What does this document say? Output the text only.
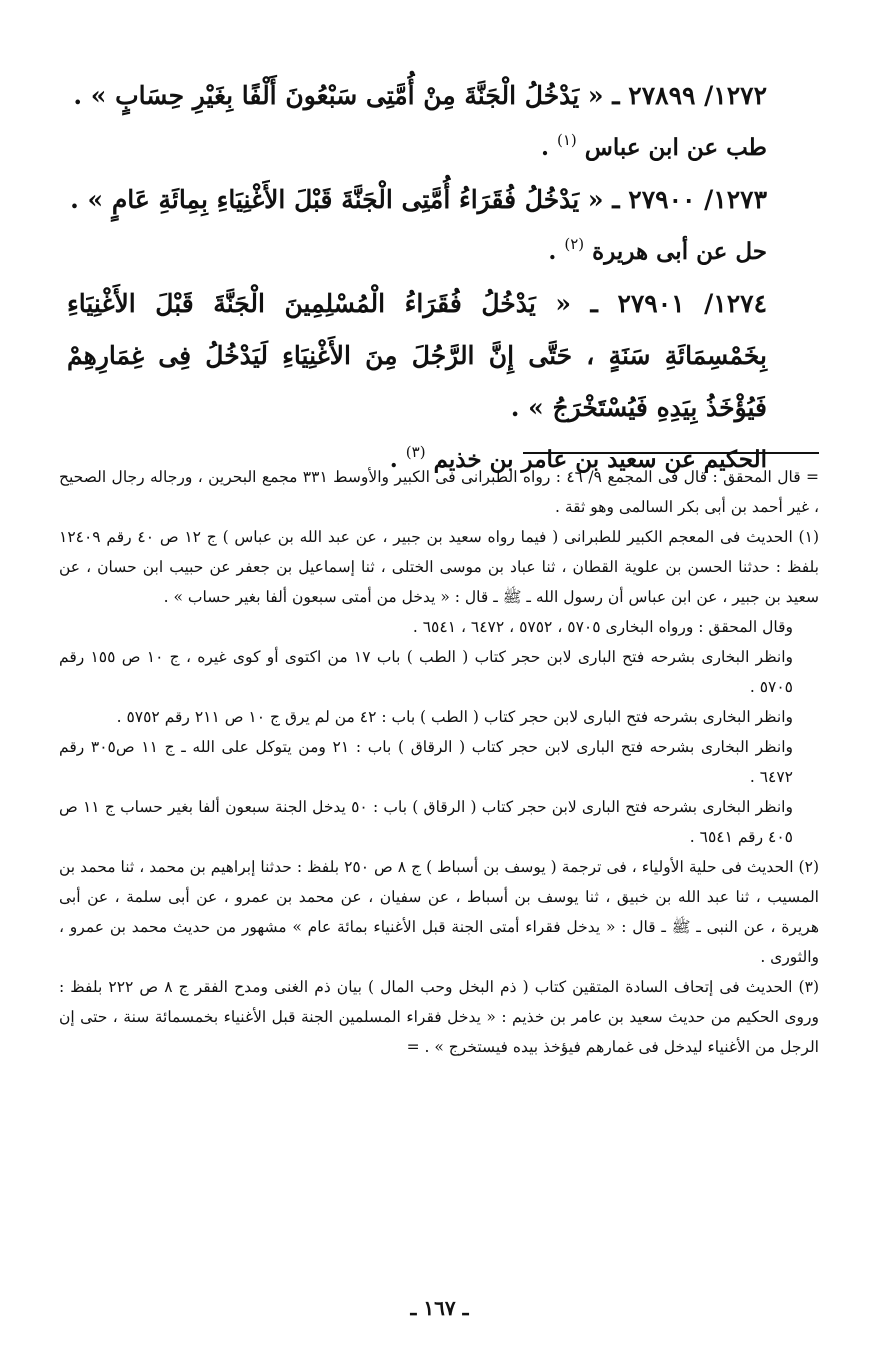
١٢٧٢/ ٢٧٨٩٩ ـ « يَدْخُلُ الْجَنَّةَ مِنْ أُمَّتِى سَبْعُونَ أَلْفًا بِغَيْرِ حِسَابٍ » .

طب عن ابن عباس $^{(١)}$ .

١٢٧٣/ ٢٧٩٠٠ ـ « يَدْخُلُ فُقَرَاءُ أُمَّتِى الْجَنَّةَ قَبْلَ الأَغْنِيَاءِ بِمِائَةِ عَامٍ » .

حل عن أبى هريرة $^{(٢)}$ .

١٢٧٤/ ٢٧٩٠١ ـ « يَدْخُلُ فُقَرَاءُ الْمُسْلِمِينَ الْجَنَّةَ قَبْلَ الأَغْنِيَاءِ بِخَمْسِمَائَةِ سَنَةٍ ، حَتَّى إِنَّ الرَّجُلَ مِنَ الأَغْنِيَاءِ لَيَدْخُلُ فِى غِمَارِهِمْ فَيُؤْخَذُ بِيَدِهِ فَيُسْتَخْرَجُ » .

الحكيم عن سعيد بن عامر بن خذيم $^{(٣)}$ .

= قال المحقق : قال فى المجمع ٩/ ٤٦ : رواه الطبرانى فى الكبير والأوسط ٣٣١ مجمع البحرين ، ورجاله رجال الصحيح ، غير أحمد بن أبى بكر السالمى وهو ثقة .

(١) الحديث فى المعجم الكبير للطبرانى ( فيما رواه سعيد بن جبير ، عن عبد الله بن عباس ) ج ١٢ ص ٤٠ رقم ١٢٤٠٩ بلفظ : حدثنا الحسن بن علوية القطان ، ثنا عباد بن موسى الختلى ، ثنا إسماعيل بن جعفر عن حبيب ابن حسان ، عن سعيد بن جبير ، عن ابن عباس أن رسول الله ـ ﷺ ـ قال : « يدخل من أمتى سبعون ألفا بغير حساب » .

وقال المحقق : ورواه البخارى ٥٧٠٥ ، ٥٧٥٢ ، ٦٤٧٢ ، ٦٥٤١ .

وانظر البخارى بشرحه فتح البارى لابن حجر كتاب ( الطب ) باب ١٧ من اكتوى أو كوى غيره ، ج ١٠ ص ١٥٥ رقم ٥٧٠٥ .

وانظر البخارى بشرحه فتح البارى لابن حجر كتاب ( الطب ) باب : ٤٢ من لم يرق ج ١٠ ص ٢١١ رقم ٥٧٥٢ .

وانظر البخارى بشرحه فتح البارى لابن حجر كتاب ( الرقاق ) باب : ٢١ ومن يتوكل على الله ـ ج ١١ ص٣٠٥ رقم ٦٤٧٢ .

وانظر البخارى بشرحه فتح البارى لابن حجر كتاب ( الرقاق ) باب : ٥٠ يدخل الجنة سبعون ألفا بغير حساب ج ١١ ص ٤٠٥ رقم ٦٥٤١ .

(٢) الحديث فى حلية الأولياء ، فى ترجمة ( يوسف بن أسباط ) ج ٨ ص ٢٥٠ بلفظ : حدثنا إبراهيم بن محمد ، ثنا محمد بن المسيب ، ثنا عبد الله بن خبيق ، ثنا يوسف بن أسباط ، عن سفيان ، عن محمد بن عمرو ، عن أبى سلمة ، عن أبى هريرة ، عن النبى ـ ﷺ ـ قال : « يدخل فقراء أمتى الجنة قبل الأغنياء بمائة عام » مشهور من حديث محمد بن عمرو ، والثورى .

(٣) الحديث فى إتحاف السادة المتقين كتاب ( ذم البخل وحب المال ) بيان ذم الغنى ومدح الفقر ج ٨ ص ٢٢٢ بلفظ : وروى الحكيم من حديث سعيد بن عامر بن خذيم : « يدخل فقراء المسلمين الجنة قبل الأغنياء بخمسمائة سنة ، حتى إن الرجل من الأغنياء ليدخل فى غمارهم فيؤخذ بيده فيستخرج » . =

ـ ١٦٧ ـ
